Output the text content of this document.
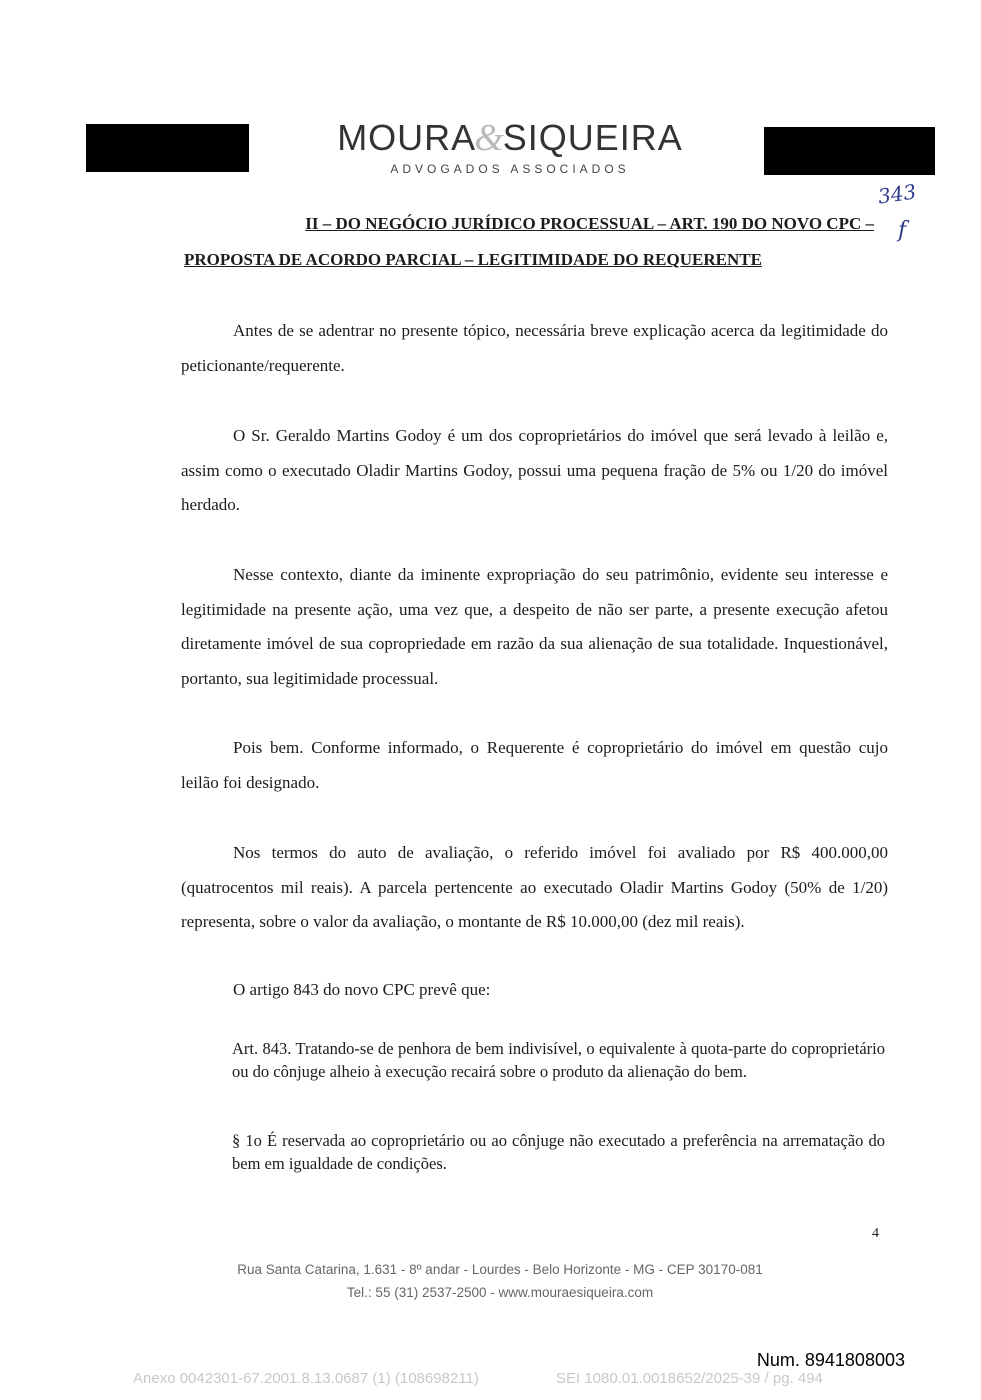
MOURA&SIQUEIRA
ADVOGADOS ASSOCIADOS
343
f
II – DO NEGÓCIO JURÍDICO PROCESSUAL – ART. 190 DO NOVO CPC –
PROPOSTA DE ACORDO PARCIAL – LEGITIMIDADE DO REQUERENTE

Antes de se adentrar no presente tópico, necessária breve explicação acerca da legitimidade do peticionante/requerente.

O Sr. Geraldo Martins Godoy é um dos coproprietários do imóvel que será levado à leilão e, assim como o executado Oladir Martins Godoy, possui uma pequena fração de 5% ou 1/20 do imóvel herdado.

Nesse contexto, diante da iminente expropriação do seu patrimônio, evidente seu interesse e legitimidade na presente ação, uma vez que, a despeito de não ser parte, a presente execução afetou diretamente imóvel de sua copropriedade em razão da sua alienação de sua totalidade. Inquestionável, portanto, sua legitimidade processual.

Pois bem. Conforme informado, o Requerente é coproprietário do imóvel em questão cujo leilão foi designado.

Nos termos do auto de avaliação, o referido imóvel foi avaliado por R$ 400.000,00 (quatrocentos mil reais). A parcela pertencente ao executado Oladir Martins Godoy (50% de 1/20) representa, sobre o valor da avaliação, o montante de R$ 10.000,00 (dez mil reais).

O artigo 843 do novo CPC prevê que:

Art. 843. Tratando-se de penhora de bem indivisível, o equivalente à quota-parte do coproprietário ou do cônjuge alheio à execução recairá sobre o produto da alienação do bem.

§ 1o É reservada ao coproprietário ou ao cônjuge não executado a preferência na arrematação do bem em igualdade de condições.

4
Rua Santa Catarina, 1.631 - 8º andar - Lourdes - Belo Horizonte - MG - CEP 30170-081
Tel.: 55 (31) 2537-2500 - www.mouraesiqueira.com
Num. 8941808003
Anexo 0042301-67.2001.8.13.0687 (1) (108698211)	SEI 1080.01.0018652/2025-39 / pg. 494
